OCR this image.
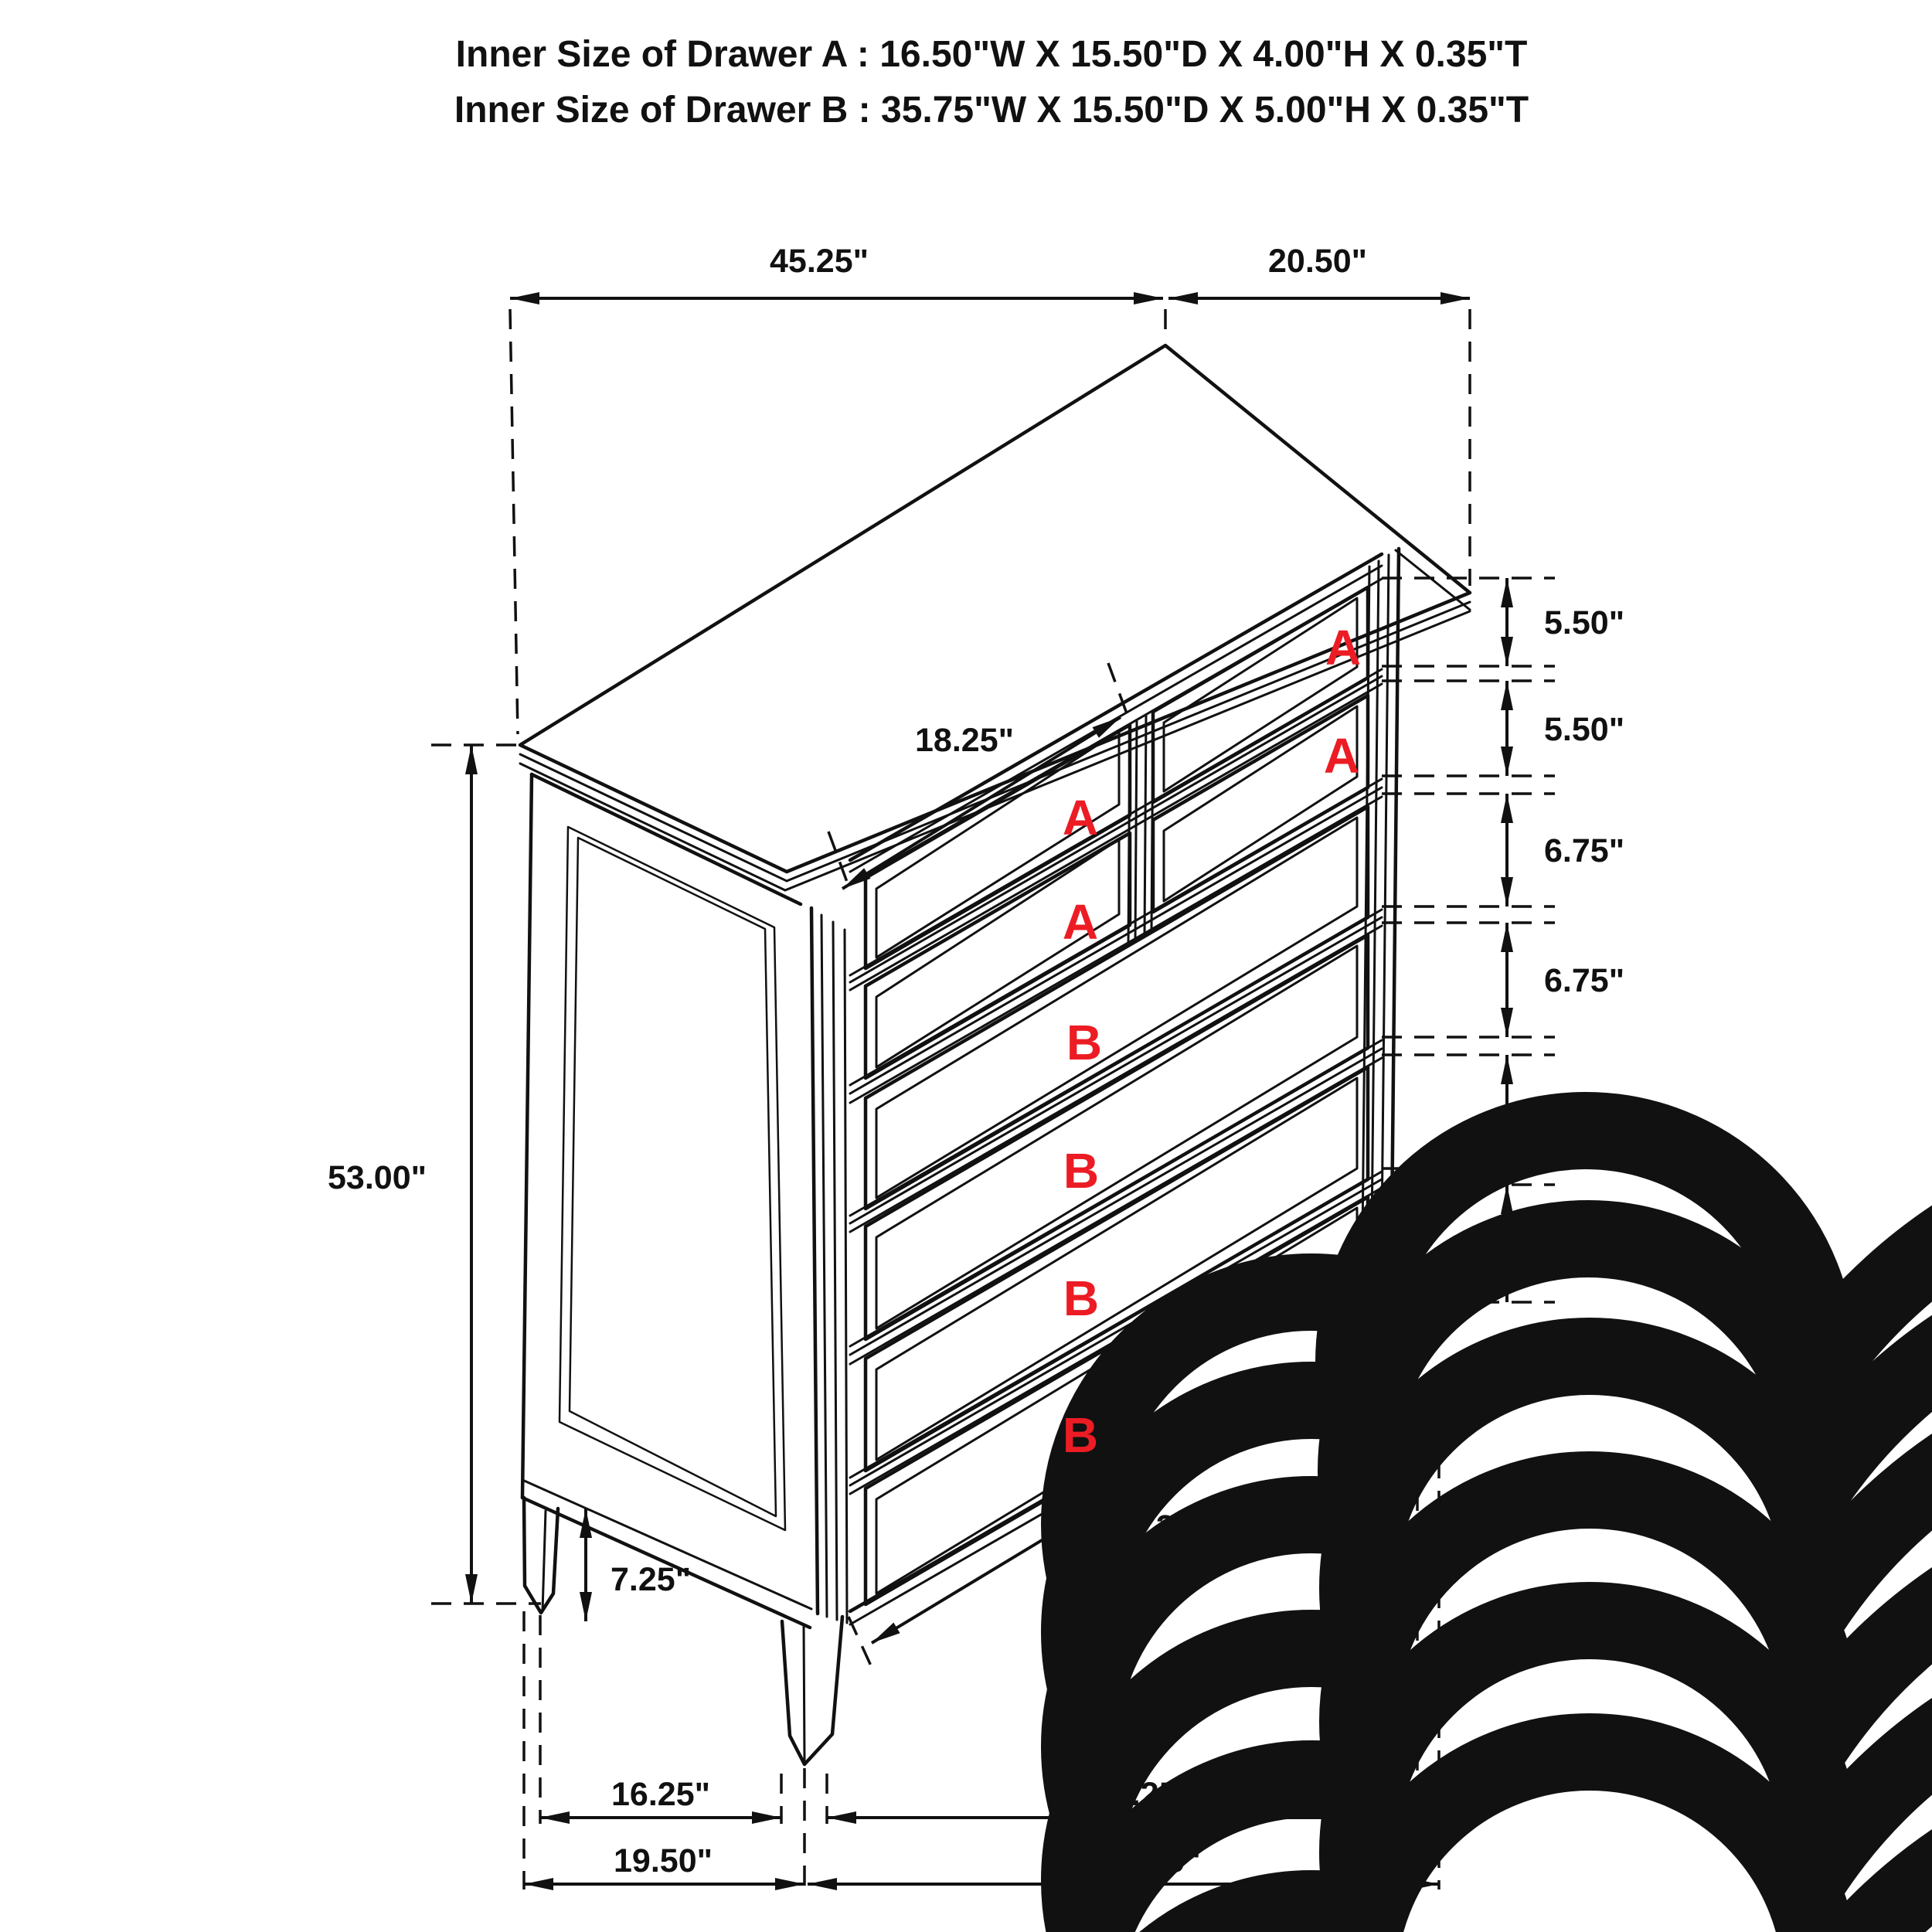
Inner Size of Drawer A : 16.50"W X 15.50"D X 4.00"H X 0.35"T
Inner Size of Drawer B : 35.75"W X 15.50"D X 5.00"H X 0.35"T
A
A
A
A
B
B
B
B
45.25"	20.50"
18.25"
53.00"
7.25"
37.25"
5.50"
5.50"
6.75"
6.75"
6.75"
6.75"
16.25"	40.25"
19.50"	43.50"
